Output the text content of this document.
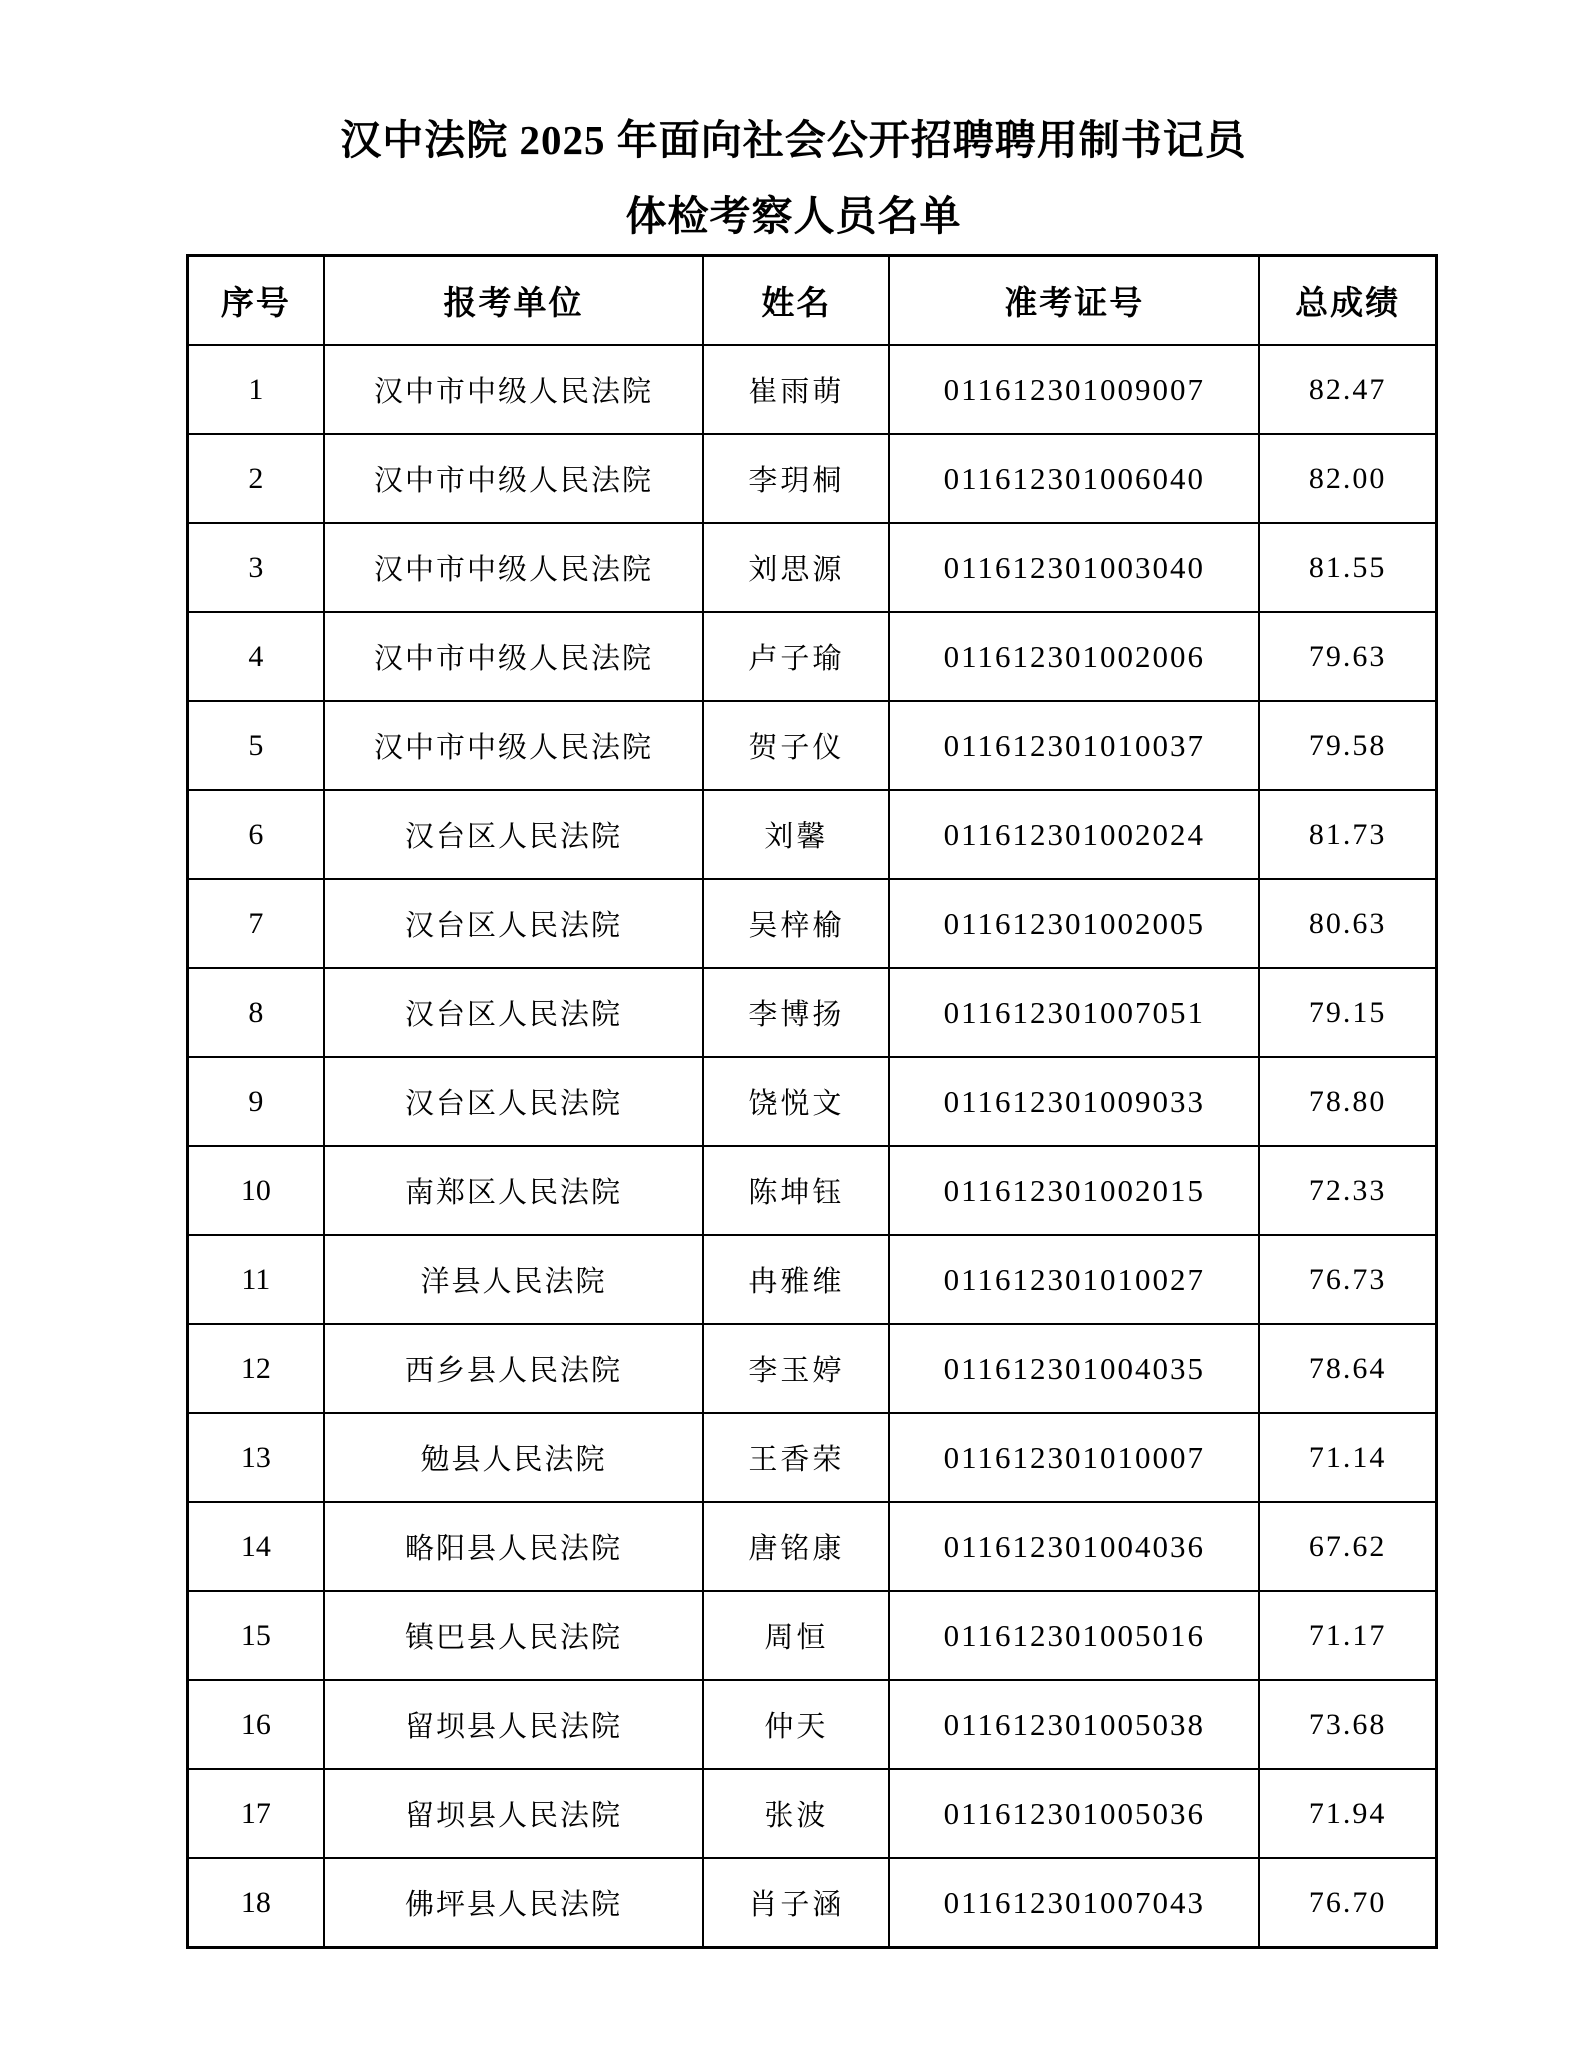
汉中法院 2025 年面向社会公开招聘聘用制书记员
体检考察人员名单
序号	报考单位	姓名	准考证号	总成绩
1	汉中市中级人民法院	崔雨萌	011612301009007	82.47
2	汉中市中级人民法院	李玥桐	011612301006040	82.00
3	汉中市中级人民法院	刘思源	011612301003040	81.55
4	汉中市中级人民法院	卢子瑜	011612301002006	79.63
5	汉中市中级人民法院	贺子仪	011612301010037	79.58
6	汉台区人民法院	刘馨	011612301002024	81.73
7	汉台区人民法院	吴梓榆	011612301002005	80.63
8	汉台区人民法院	李博扬	011612301007051	79.15
9	汉台区人民法院	饶悦文	011612301009033	78.80
10	南郑区人民法院	陈坤钰	011612301002015	72.33
11	洋县人民法院	冉雅维	011612301010027	76.73
12	西乡县人民法院	李玉婷	011612301004035	78.64
13	勉县人民法院	王香荣	011612301010007	71.14
14	略阳县人民法院	唐铭康	011612301004036	67.62
15	镇巴县人民法院	周恒	011612301005016	71.17
16	留坝县人民法院	仲天	011612301005038	73.68
17	留坝县人民法院	张波	011612301005036	71.94
18	佛坪县人民法院	肖子涵	011612301007043	76.70
